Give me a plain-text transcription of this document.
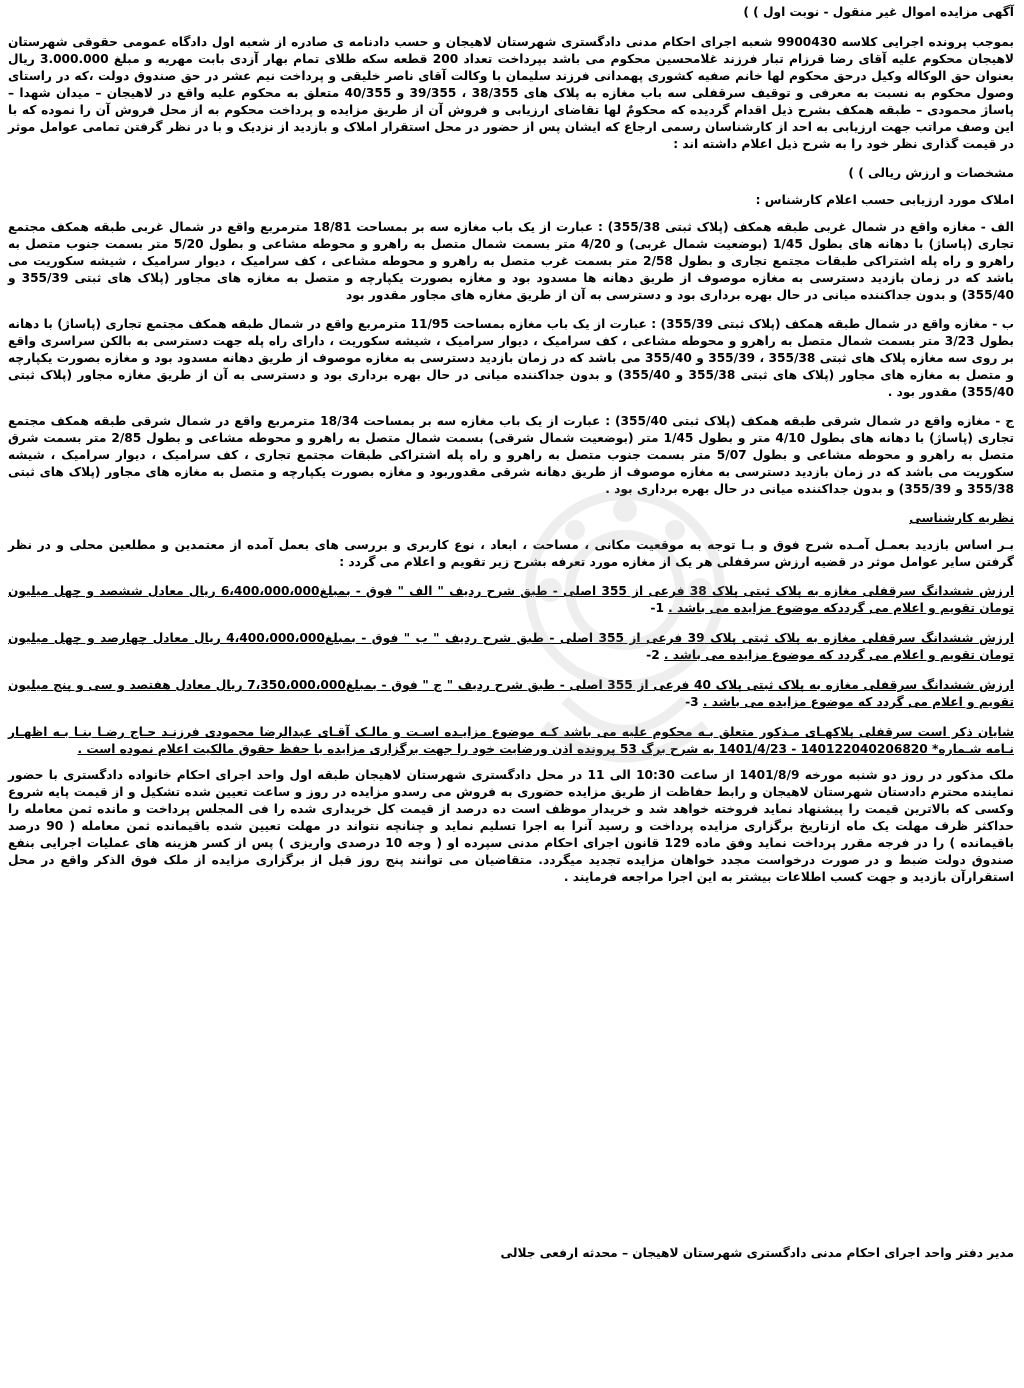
آگهی مزایده اموال غیر منقول - نوبت اول ) )
بموجب پرونده اجرایی کلاسه 9900430 شعبه اجرای احکام مدنی دادگستری شهرستان لاهیجان و حسب دادنامه ی صادره از شعبه اول دادگاه عمومی حقوقی شهرستان لاهیجان محکوم علیه آقای رضا قرزام تبار فرزند غلامحسین محکوم می باشد بپرداخت تعداد 200 قطعه سکه طلای تمام بهار آزدی بابت مهریه و مبلغ 3.000.000 ریال بعنوان حق الوکاله وکیل درحق محکوم لها خانم صفیه کشوری پهمدانی فرزند سلیمان با وکالت آقای ناصر خلیقی و پرداخت نیم عشر در حق صندوق دولت ،که در راستای وصول محکوم به نسبت به معرفی و توقیف سرقفلی سه باب مغازه به پلاک های 38/355 ، 39/355 و 40/355 متعلق به محکوم علیه واقع در لاهیجان – میدان شهدا – پاساژ محمودی – طبقه همکف بشرح ذیل اقدام گردیده که محکومٌ لها تقاضای ارزیابی و فروش آن از طریق مزایده و پرداخت محکوم به از محل فروش آن را نموده که با این وصف مراتب جهت ارزیابی به احد از کارشناسان رسمی ارجاع که ایشان پس از حضور در محل استقرار املاک و بازدید از نزدیک و با در نظر گرفتن تمامی عوامل موثر در قیمت گذاری نظر خود را به شرح ذیل اعلام داشته اند :
مشخصات و ارزش ریالی ) )
املاک مورد ارزیابی حسب اعلام کارشناس :
الف - مغازه واقع در شمال غربی طبقه همکف (پلاک ثبتی 355/38) : عبارت از یک باب مغازه سه بر بمساحت 18/81 مترمربع واقع در شمال غربی طبقه همکف مجتمع تجاری (پاساژ) با دهانه های بطول 1/45 (بوضعیت شمال غربی) و 4/20 متر بسمت شمال متصل به راهرو و محوطه مشاعی و بطول 5/20 متر بسمت جنوب متصل به راهرو و راه پله اشتراکی طبقات مجتمع تجاری و بطول 2/58 متر بسمت غرب متصل به راهرو و محوطه مشاعی ، کف سرامیک ، دیوار سرامیک ، شیشه سکوریت می باشد که در زمان بازدید دسترسی به مغازه موصوف از طریق دهانه ها مسدود بود و مغازه بصورت یکپارچه و متصل به مغازه های مجاور (پلاک های ثبتی 355/39 و 355/40) و بدون جداکننده میانی در حال بهره برداری بود و دسترسی به آن از طریق مغازه های مجاور مقدور بود
ب - مغازه واقع در شمال طبقه همکف (پلاک ثبتی 355/39) : عبارت از یک باب مغازه بمساحت 11/95 مترمربع واقع در شمال طبقه همکف مجتمع تجاری (پاساژ) با دهانه بطول 3/23 متر بسمت شمال متصل به راهرو و محوطه مشاعی ، کف سرامیک ، دیوار سرامیک ، شیشه سکوریت ، دارای راه پله جهت دسترسی به بالکن سراسری واقع بر روی سه مغازه پلاک های ثبتی 355/38 ، 355/39 و 355/40 می باشد که در زمان بازدید دسترسی به مغازه موصوف از طریق دهانه مسدود بود و مغازه بصورت یکپارچه و متصل به مغازه های مجاور (پلاک های ثبتی 355/38 و 355/40) و بدون جداکننده میانی در حال بهره برداری بود و دسترسی به آن از طریق مغازه مجاور (پلاک ثبتی 355/40) مقدور بود .
ج - مغازه واقع در شمال شرقی طبقه همکف (پلاک ثبتی 355/40) : عبارت از یک باب مغازه سه بر بمساحت 18/34 مترمربع واقع در شمال شرقی طبقه همکف مجتمع تجاری (پاساژ) با دهانه های بطول 4/10 متر و بطول 1/45 متر (بوضعیت شمال شرقی) بسمت شمال متصل به راهرو و محوطه مشاعی و بطول 2/85 متر بسمت شرق متصل به راهرو و محوطه مشاعی و بطول 5/07 متر بسمت جنوب متصل به راهرو و راه پله اشتراکی طبقات مجتمع تجاری ، کف سرامیک ، دیوار سرامیک ، شیشه سکوریت می باشد که در زمان بازدید دسترسی به مغازه موصوف از طریق دهانه شرقی مقدوربود و مغازه بصورت یکپارچه و متصل به مغازه های مجاور (پلاک های ثبتی 355/38 و 355/39) و بدون جداکننده میانی در حال بهره برداری بود .
نظریه کارشناسی
بـر اساس بازدید بعمـل آمـده شرح فوق و بـا توجه به موقعیت مکانی ، مساحت ، ابعاد ، نوع کاربری و بررسی های بعمل آمده از معتمدین و مطلعین محلی و در نظر گرفتن سایر عوامل موثر در قضیه ارزش سرقفلی هر یک از مغازه مورد تعرفه بشرح زیر تقویم و اعلام می گردد :
ارزش ششدانگ سرقفلی مغازه به پلاک ثبتی پلاک 38 فرعی از 355 اصلی - طبق شرح ردیف " الف " فوق - بمبلغ6،400،000،000 ریال معادل ششصد و چهل میلیون تومان تقویم و اعلام می گرددکه موضوع مزایده می باشد . 1-
ارزش ششدانگ سرقفلی مغازه به پلاک ثبتی پلاک 39 فرعی از 355 اصلی - طبق شرح ردیف " ب " فوق - بمبلغ4،400،000،000 ریال معادل چهارصد و چهل میلیون تومان تقویم و اعلام می گردد که موضوع مزایده می باشد . 2-
ارزش ششدانگ سرقفلی مغازه به پلاک ثبتی پلاک 40 فرعی از 355 اصلی - طبق شرح ردیف " ج " فوق - بمبلغ7،350،000،000 ریال معادل هفتصد و سی و پنج میلیون تقویم و اعلام می گردد که موضوع مزایده می باشد . 3-
شایان ذکر است سرقفلی پلاکهـای مـذکور متعلق بـه محکوم علیه می باشد کـه موضوع مزایـده اسـت و مالـک آقـای عبدالرضا محمودی فرزنـد حـاج رضـا بنـا بـه اظهـار نـامه شـماره* 140122040206820 - 1401/4/23 به شرح برگ 53 پرونده اذن ورضایت خود را جهت برگزاری مزایده با حفظ حقوق مالکیت اعلام نموده است .
ملک مذکور در روز دو شنبه مورخه 1401/8/9 از ساعت 10:30 الی 11 در محل دادگستری شهرستان لاهیجان طبقه اول واحد اجرای احکام خانواده دادگستری با حضور نماینده محترم دادستان شهرستان لاهیجان و رابط حفاظت از طریق مزایده حضوری به فروش می رسدو مزایده در روز و ساعت تعیین شده تشکیل و از قیمت پایه شروع وکسی که بالاترین قیمت را پیشنهاد نماید فروخته خواهد شد و خریدار موظف است ده درصد از قیمت کل خریداری شده را فی المجلس پرداخت و مانده ثمن معامله را حداکثر ظرف مهلت یک ماه ازتاریخ برگزاری مزایده پرداخت و رسید آنرا به اجرا تسلیم نماید و چنانچه نتواند در مهلت تعیین شده باقیمانده ثمن معامله ( 90 درصد باقیمانده ) را در فرجه مقرر پرداخت نماید وفق ماده 129 قانون اجرای احکام مدنی سپرده او ( وجه 10 درصدی واریزی ) پس از کسر هزینه های عملیات اجرایی بنفع صندوق دولت ضبط و در صورت درخواست مجدد خواهان مزایده تجدید میگردد. متقاضیان می توانند پنج روز قبل از برگزاری مزایده از ملک فوق الذکر واقع در محل استقرارآن بازدید و جهت کسب اطلاعات بیشتر به این اجرا مراجعه فرمایند .
مدیر دفتر واحد اجرای احکام مدنی دادگستری شهرستان لاهیجان – محدثه ارفعی جلالی
